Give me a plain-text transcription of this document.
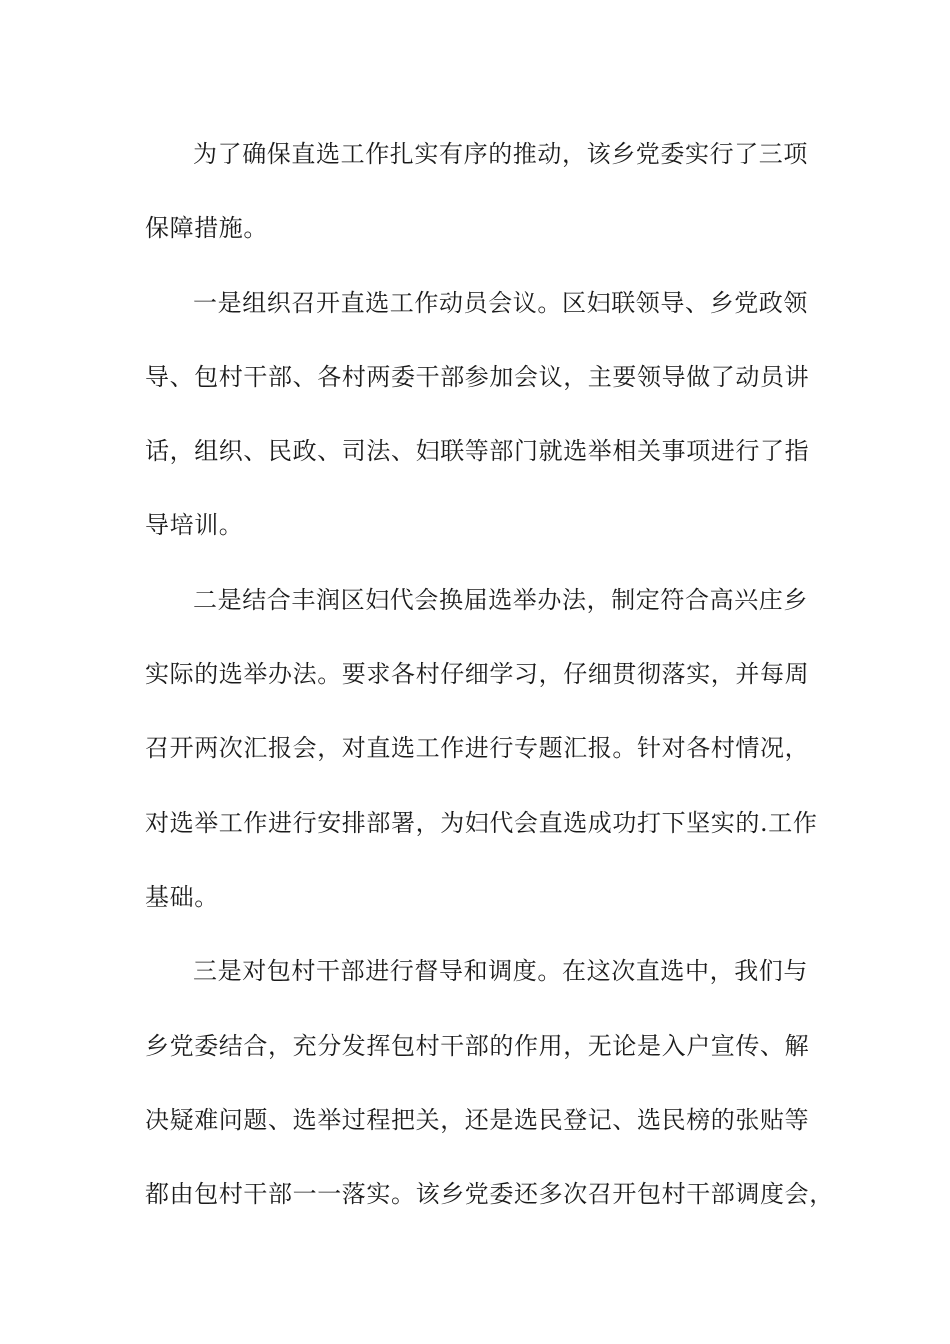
为了确保直选工作扎实有序的推动，该乡党委实行了三项
保障措施。
一是组织召开直选工作动员会议。区妇联领导、乡党政领
导、包村干部、各村两委干部参加会议，主要领导做了动员讲
话，组织、民政、司法、妇联等部门就选举相关事项进行了指
导培训。
二是结合丰润区妇代会换届选举办法，制定符合高兴庄乡
实际的选举办法。要求各村仔细学习，仔细贯彻落实，并每周
召开两次汇报会，对直选工作进行专题汇报。针对各村情况，
对选举工作进行安排部署，为妇代会直选成功打下坚实的.工作
基础。
三是对包村干部进行督导和调度。在这次直选中，我们与
乡党委结合，充分发挥包村干部的作用，无论是入户宣传、解
决疑难问题、选举过程把关，还是选民登记、选民榜的张贴等
都由包村干部一一落实。该乡党委还多次召开包村干部调度会，
